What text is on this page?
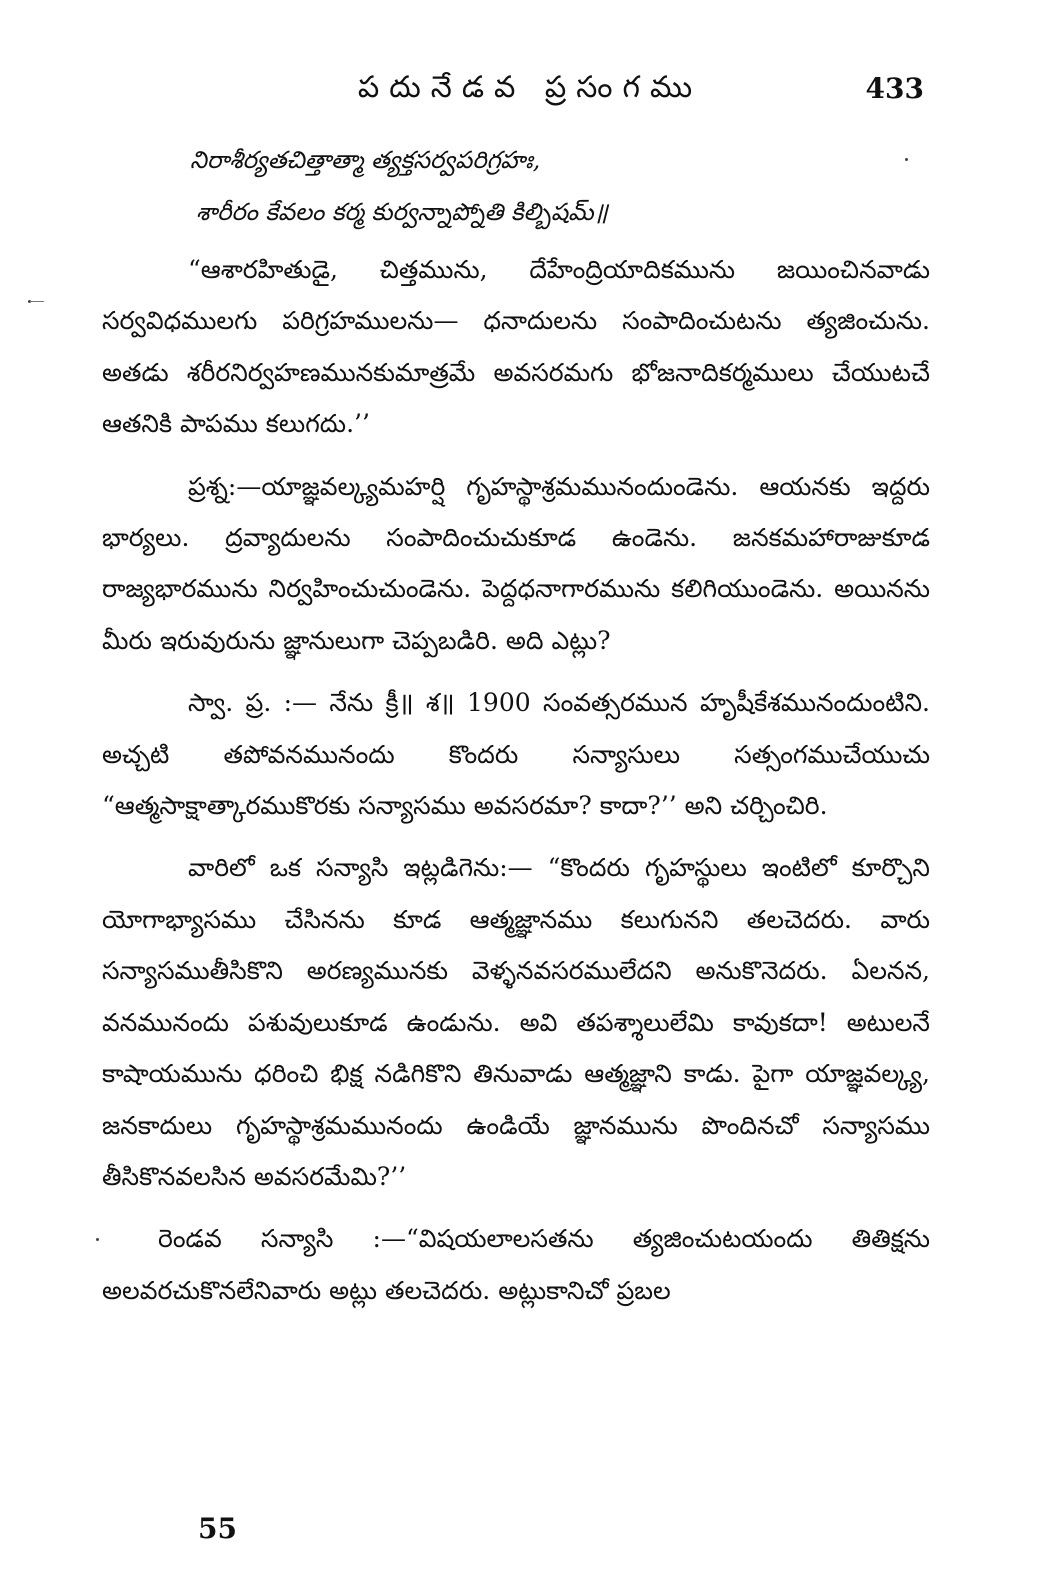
పదునేడవ ప్రసంగము	433
నిరాశీర్యతచిత్తాత్మా త్యక్తసర్వపరిగ్రహః,
శారీరం కేవలం కర్మ కుర్వన్నాప్నోతి కిల్బిషమ్॥

“ఆశారహితుడై, చిత్తమును, దేహేంద్రియాదికమును జయించినవాడు సర్వవిధములగు పరిగ్రహములను— ధనాదులను సంపాదించుటను త్యజించును. అతడు శరీరనిర్వహణమునకుమాత్రమే అవసరమగు భోజనాదికర్మములు చేయుటచే ఆతనికి పాపము కలుగదు.’’

ప్రశ్న:—యాజ్ఞవల్క్యమహర్షి గృహస్థాశ్రమమునందుండెను. ఆయనకు ఇద్దరు భార్యలు. ద్రవ్యాదులను సంపాదించుచుకూడ ఉండెను. జనకమహారాజుకూడ రాజ్యభారమును నిర్వహించుచుండెను. పెద్దధనాగారమును కలిగియుండెను. అయినను మీరు ఇరువురును జ్ఞానులుగా చెప్పబడిరి. అది ఎట్లు?

స్వా. ప్ర. :— నేను క్రీ॥ శ॥ 1900 సంవత్సరమున హృషీకేశమునందుంటిని. అచ్చటి తపోవనమునందు కొందరు సన్యాసులు సత్సంగముచేయుచు “ఆత్మసాక్షాత్కారముకొరకు సన్యాసము అవసరమా? కాదా?’’ అని చర్చించిరి.

వారిలో ఒక సన్యాసి ఇట్లడిగెను:— “కొందరు గృహస్థులు ఇంటిలో కూర్చొని యోగాభ్యాసము చేసినను కూడ ఆత్మజ్ఞానము కలుగునని తలచెదరు. వారు సన్యాసముతీసికొని అరణ్యమునకు వెళ్ళనవసరములేదని అనుకొనెదరు. ఏలనన, వనమునందు పశువులుకూడ ఉండును. అవి తపశ్శాలులేమి కావుకదా! అటులనే కాషాయమును ధరించి భిక్ష నడిగికొని తినువాడు ఆత్మజ్ఞాని కాడు. పైగా యాజ్ఞవల్క్య, జనకాదులు గృహస్థాశ్రమమునందు ఉండియే జ్ఞానమును పొందినచో సన్యాసము తీసికొనవలసిన అవసరమేమి?’’

రెండవ సన్యాసి :—“విషయలాలసతను త్యజించుటయందు తితిక్షను అలవరచుకొనలేనివారు అట్లు తలచెదరు. అట్లుకానిచో ప్రబల

55
